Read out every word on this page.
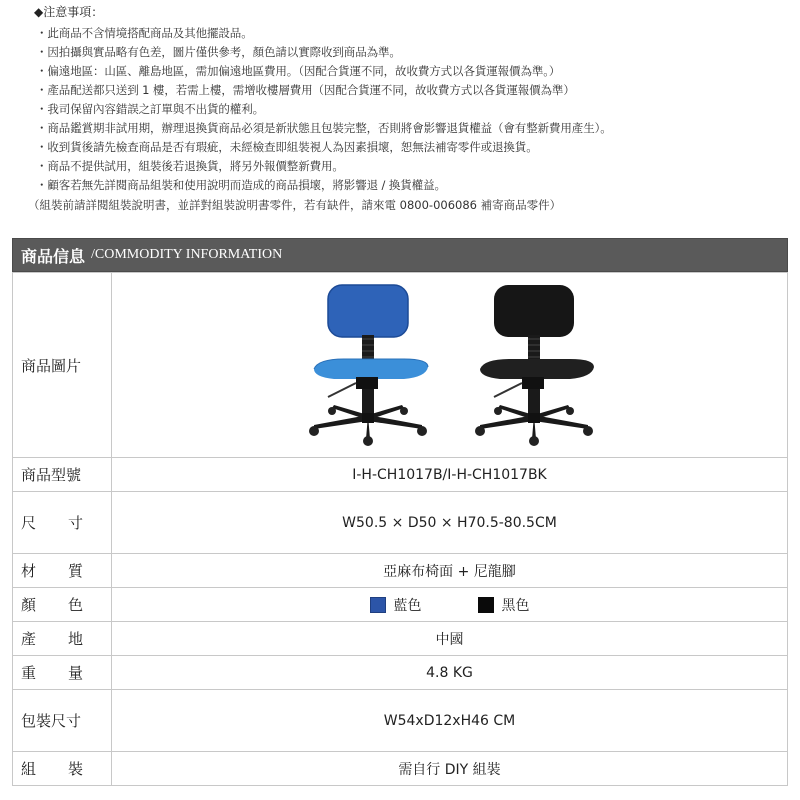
◆注意事項：
・此商品不含情境搭配商品及其他擺設品。
・因拍攝與實品略有色差，圖片僅供參考，顏色請以實際收到商品為準。
・偏遠地區：山區、離島地區，需加偏遠地區費用。（因配合貨運不同，故收費方式以各貨運報價為準。）
・產品配送都只送到 1 樓，若需上樓，需增收樓層費用（因配合貨運不同，故收費方式以各貨運報價為準）
・我司保留內容錯誤之訂單與不出貨的權利。
・商品鑑賞期非試用期，辦理退換貨商品必須是新狀態且包裝完整，否則將會影響退貨權益（會有整新費用產生）。
・收到貨後請先檢查商品是否有瑕疵，未經檢查即組裝視人為因素損壞，恕無法補寄零件或退換貨。
・商品不提供試用，組裝後若退換貨，將另外報價整新費用。
・顧客若無先詳閱商品組裝和使用說明而造成的商品損壞，將影響退 / 換貨權益。
（組裝前請詳閱組裝說明書，並詳對組裝說明書零件，若有缺件，請來電 0800-006086 補寄商品零件）
商品信息 /COMMODITY INFORMATION
商品圖片	

商品型號	I-H-CH1017B/I-H-CH1017BK

尺 寸	W50.5 × D50 × H70.5-80.5CM

材 質	亞麻布椅面 + 尼龍腳

顏 色	藍色 黑色

產 地	中國

重 量	4.8 KG
包裝尺寸	W54xD12xH46 CM

組 裝	需自行 DIY 組裝
